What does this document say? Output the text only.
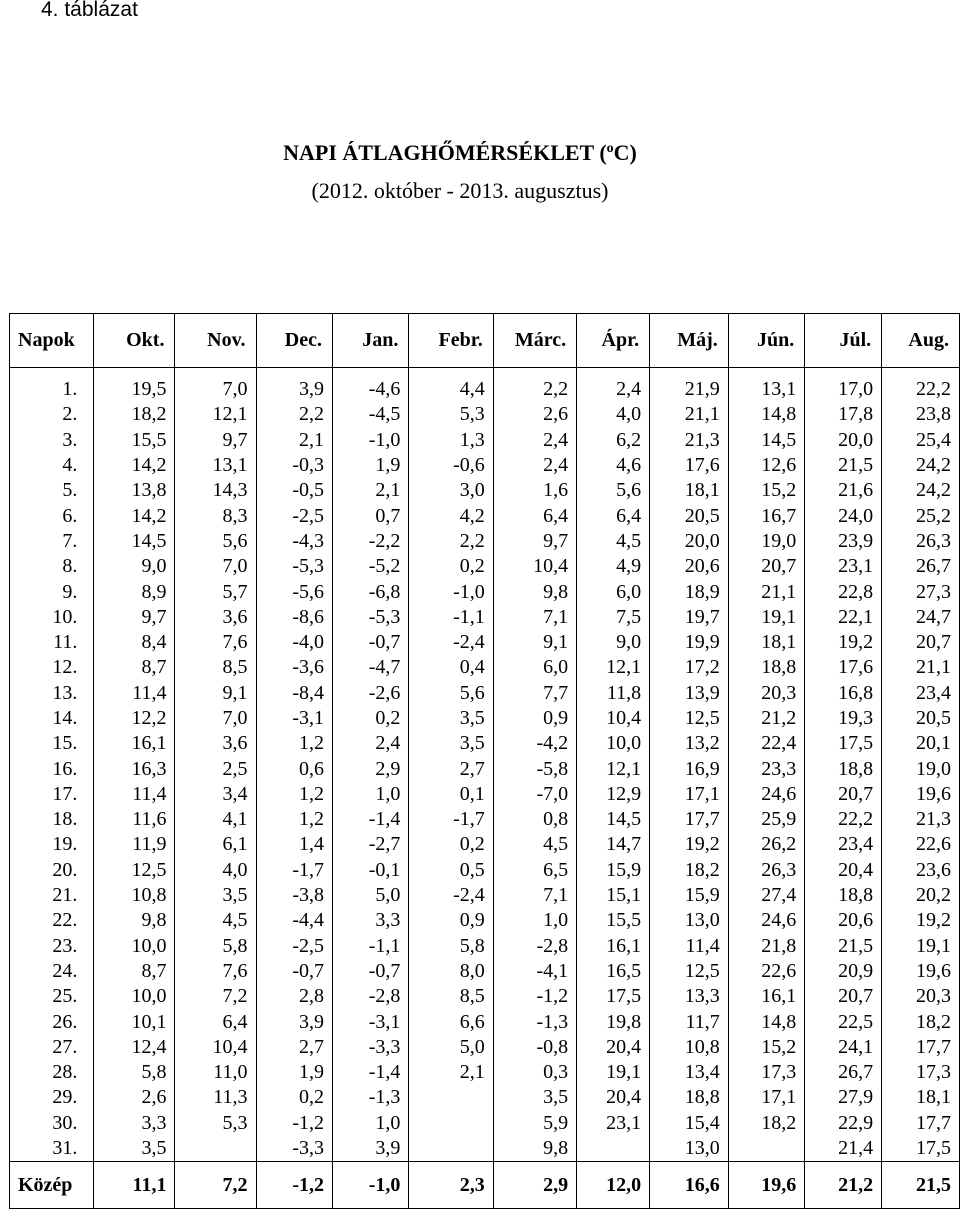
4. táblázat
NAPI ÁTLAGHŐMÉRSÉKLET ($^o$C)
(2012. október - 2013. augusztus)
Napok	Okt.	Nov.	Dec.	Jan.	Febr.	Márc.	Ápr.	Máj.	Jún.	Júl.	Aug.

1.	19,5	7,0	3,9	-4,6	4,4	2,2	2,4	21,9	13,1	17,0	22,2
2.	18,2	12,1	2,2	-4,5	5,3	2,6	4,0	21,1	14,8	17,8	23,8
3.	15,5	9,7	2,1	-1,0	1,3	2,4	6,2	21,3	14,5	20,0	25,4
4.	14,2	13,1	-0,3	1,9	-0,6	2,4	4,6	17,6	12,6	21,5	24,2
5.	13,8	14,3	-0,5	2,1	3,0	1,6	5,6	18,1	15,2	21,6	24,2
6.	14,2	8,3	-2,5	0,7	4,2	6,4	6,4	20,5	16,7	24,0	25,2
7.	14,5	5,6	-4,3	-2,2	2,2	9,7	4,5	20,0	19,0	23,9	26,3
8.	9,0	7,0	-5,3	-5,2	0,2	10,4	4,9	20,6	20,7	23,1	26,7
9.	8,9	5,7	-5,6	-6,8	-1,0	9,8	6,0	18,9	21,1	22,8	27,3
10.	9,7	3,6	-8,6	-5,3	-1,1	7,1	7,5	19,7	19,1	22,1	24,7
11.	8,4	7,6	-4,0	-0,7	-2,4	9,1	9,0	19,9	18,1	19,2	20,7
12.	8,7	8,5	-3,6	-4,7	0,4	6,0	12,1	17,2	18,8	17,6	21,1
13.	11,4	9,1	-8,4	-2,6	5,6	7,7	11,8	13,9	20,3	16,8	23,4
14.	12,2	7,0	-3,1	0,2	3,5	0,9	10,4	12,5	21,2	19,3	20,5
15.	16,1	3,6	1,2	2,4	3,5	-4,2	10,0	13,2	22,4	17,5	20,1
16.	16,3	2,5	0,6	2,9	2,7	-5,8	12,1	16,9	23,3	18,8	19,0
17.	11,4	3,4	1,2	1,0	0,1	-7,0	12,9	17,1	24,6	20,7	19,6
18.	11,6	4,1	1,2	-1,4	-1,7	0,8	14,5	17,7	25,9	22,2	21,3
19.	11,9	6,1	1,4	-2,7	0,2	4,5	14,7	19,2	26,2	23,4	22,6
20.	12,5	4,0	-1,7	-0,1	0,5	6,5	15,9	18,2	26,3	20,4	23,6
21.	10,8	3,5	-3,8	5,0	-2,4	7,1	15,1	15,9	27,4	18,8	20,2
22.	9,8	4,5	-4,4	3,3	0,9	1,0	15,5	13,0	24,6	20,6	19,2
23.	10,0	5,8	-2,5	-1,1	5,8	-2,8	16,1	11,4	21,8	21,5	19,1
24.	8,7	7,6	-0,7	-0,7	8,0	-4,1	16,5	12,5	22,6	20,9	19,6
25.	10,0	7,2	2,8	-2,8	8,5	-1,2	17,5	13,3	16,1	20,7	20,3
26.	10,1	6,4	3,9	-3,1	6,6	-1,3	19,8	11,7	14,8	22,5	18,2
27.	12,4	10,4	2,7	-3,3	5,0	-0,8	20,4	10,8	15,2	24,1	17,7
28.	5,8	11,0	1,9	-1,4	2,1	0,3	19,1	13,4	17,3	26,7	17,3
29.	2,6	11,3	0,2	-1,3		3,5	20,4	18,8	17,1	27,9	18,1
30.	3,3	5,3	-1,2	1,0		5,9	23,1	15,4	18,2	22,9	17,7
31.	3,5		-3,3	3,9		9,8		13,0		21,4	17,5
Közép	11,1	7,2	-1,2	-1,0	2,3	2,9	12,0	16,6	19,6	21,2	21,5
